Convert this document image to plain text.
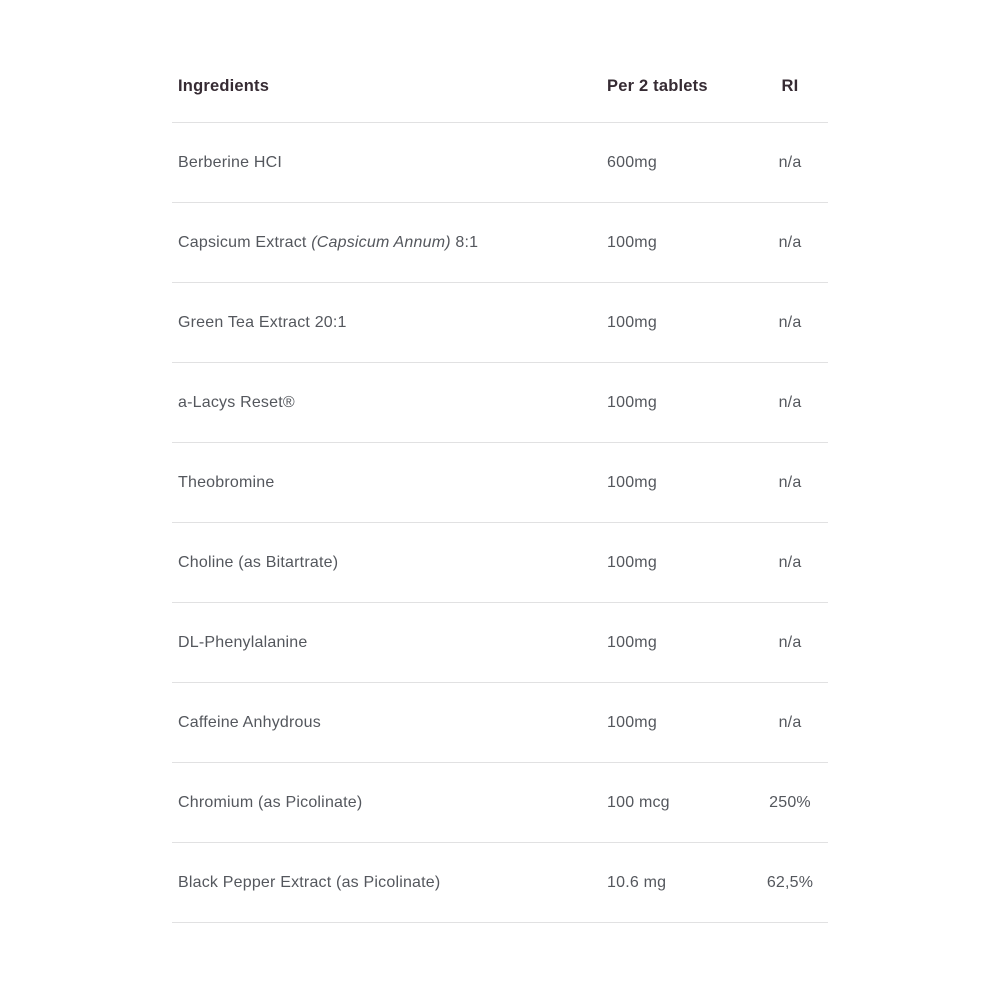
Ingredients	Per 2 tablets	RI
Berberine HCI	600mg	n/a
Capsicum Extract (Capsicum Annum) 8:1	100mg	n/a
Green Tea Extract 20:1	100mg	n/a
a-Lacys Reset®	100mg	n/a
Theobromine	100mg	n/a
Choline (as Bitartrate)	100mg	n/a
DL-Phenylalanine	100mg	n/a
Caffeine Anhydrous	100mg	n/a
Chromium (as Picolinate)	100 mcg	250%
Black Pepper Extract (as Picolinate)	10.6 mg	62,5%
